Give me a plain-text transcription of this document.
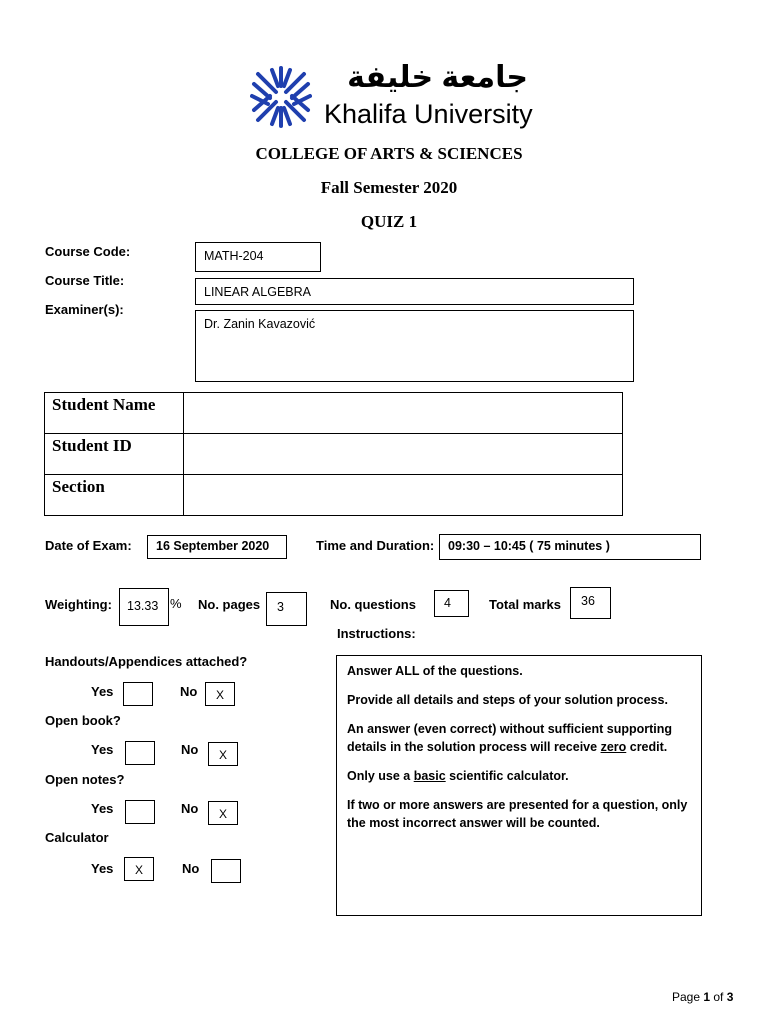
جامعة خليفة
Khalifa University
COLLEGE OF ARTS & SCIENCES
Fall Semester 2020
QUIZ 1
Course Code:	MATH-204
Course Title:
LINEAR ALGEBRA
Examiner(s):
Dr. Zanin Kavazović
Student Name	
Student ID	
Section	
Date of Exam: 16 September 2020	Time and Duration: 09:30 – 10:45 ( 75 minutes )
Weighting: 13.33 % No. pages 3	No. questions 4	Total marks 36
Instructions:
Handouts/Appendices attached?
Yes	No	X
Open book?
Yes	No	X
Open notes?
Yes	No	X
Calculator
Yes	X	No

Answer ALL of the questions.

Provide all details and steps of your solution process.

An answer (even correct) without sufficient supporting details in the solution process will receive zero credit.

Only use a basic scientific calculator.

If two or more answers are presented for a question, only the most incorrect answer will be counted.

Page 1 of 3
